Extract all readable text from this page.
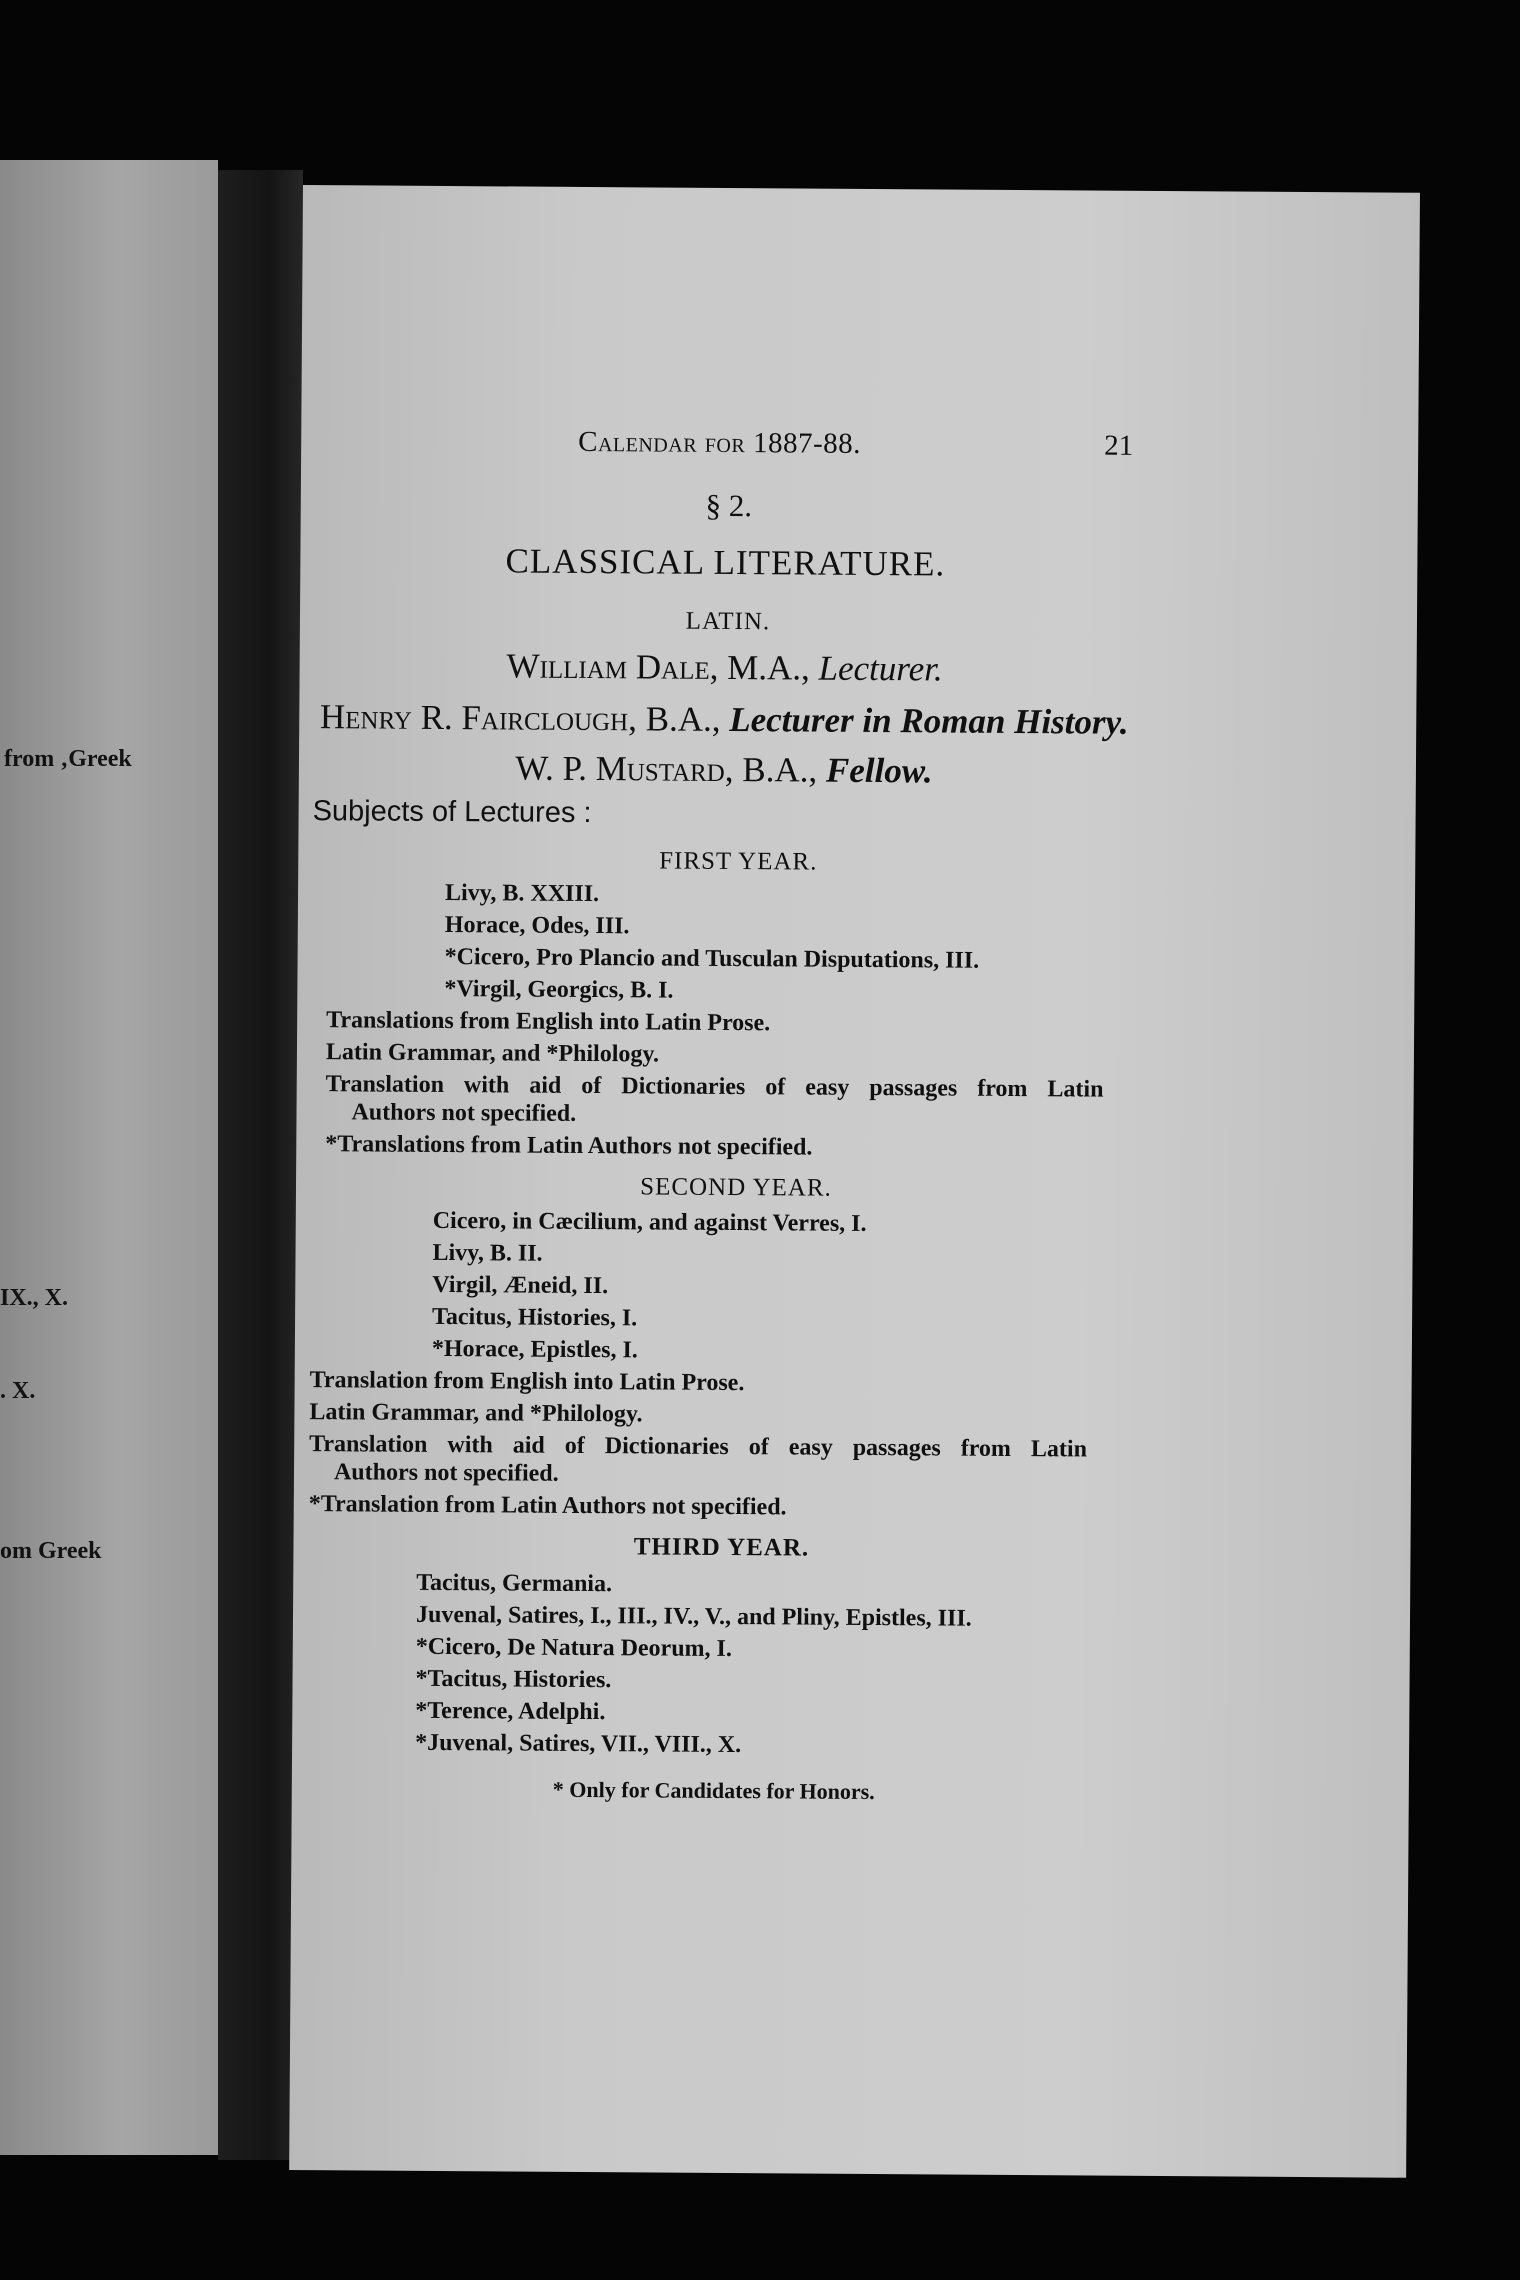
from ‚Greek
IX., X.
. X.
om Greek
Calendar for 1887-88.	21
§ 2.
CLASSICAL LITERATURE.
LATIN.
William Dale, M.A., Lecturer.
Henry R. Fairclough, B.A., Lecturer in Roman History.
W. P. Mustard, B.A., Fellow.
Subjects of Lectures :
FIRST YEAR.
Livy, B. XXIII.
Horace, Odes, III.
*Cicero, Pro Plancio and Tusculan Disputations, III.
*Virgil, Georgics, B. I.
Translations from English into Latin Prose.
Latin Grammar, and *Philology.
Translation with aid of Dictionaries of easy passages from Latin
Authors not specified.
*Translations from Latin Authors not specified.
SECOND YEAR.
Cicero, in Cæcilium, and against Verres, I.
Livy, B. II.
Virgil, Æneid, II.
Tacitus, Histories, I.
*Horace, Epistles, I.
Translation from English into Latin Prose.
Latin Grammar, and *Philology.
Translation with aid of Dictionaries of easy passages from Latin
Authors not specified.
*Translation from Latin Authors not specified.
THIRD YEAR.
Tacitus, Germania.
Juvenal, Satires, I., III., IV., V., and Pliny, Epistles, III.
*Cicero, De Natura Deorum, I.
*Tacitus, Histories.
*Terence, Adelphi.
*Juvenal, Satires, VII., VIII., X.
* Only for Candidates for Honors.
